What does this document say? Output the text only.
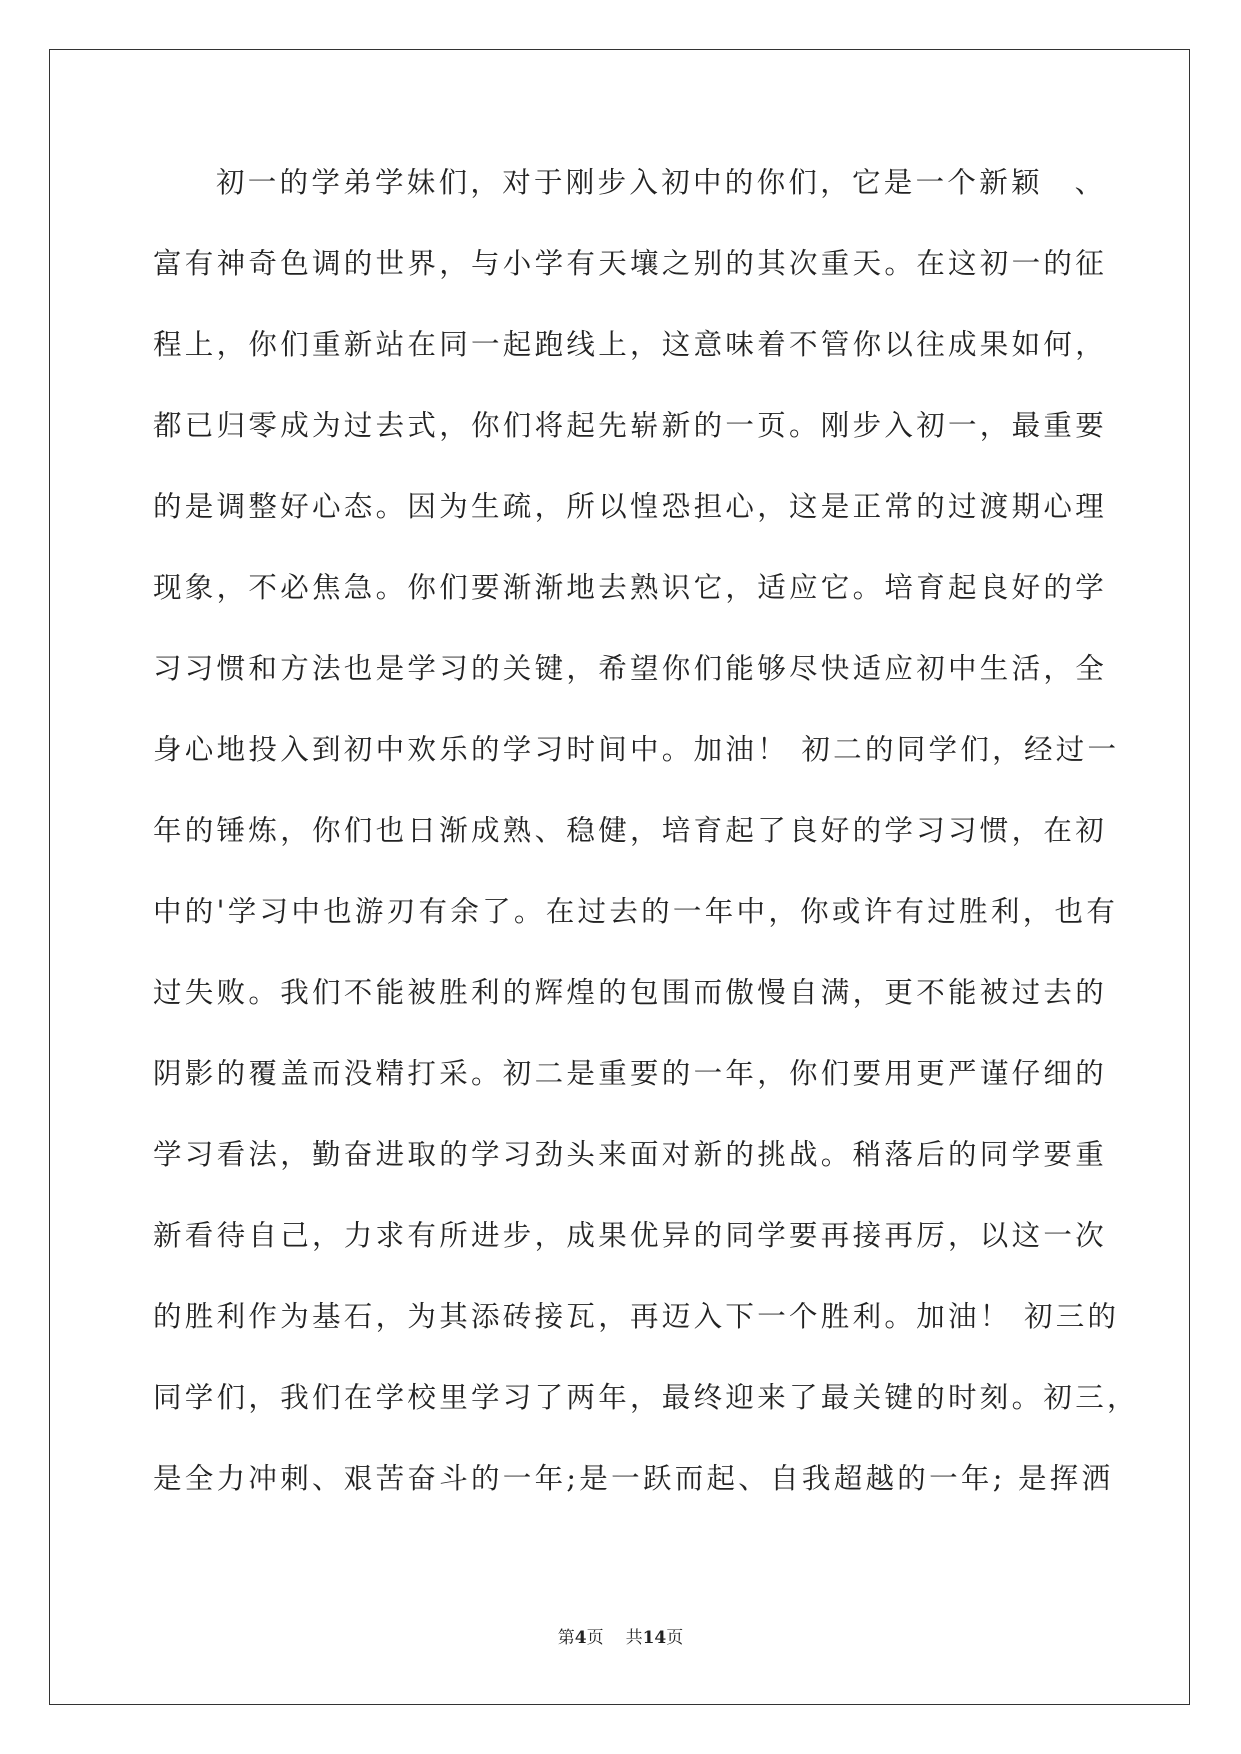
初一的学弟学妹们，对于刚步入初中的你们，它是一个新颖　、
富有神奇色调的世界，与小学有天壤之别的其次重天。在这初一的征
程上，你们重新站在同一起跑线上，这意味着不管你以往成果如何，
都已归零成为过去式，你们将起先崭新的一页。刚步入初一，最重要
的是调整好心态。因为生疏，所以惶恐担心，这是正常的过渡期心理
现象，不必焦急。你们要渐渐地去熟识它，适应它。培育起良好的学
习习惯和方法也是学习的关键，希望你们能够尽快适应初中生活，全
身心地投入到初中欢乐的学习时间中。加油！ 初二的同学们，经过一
年的锤炼，你们也日渐成熟、稳健，培育起了良好的学习习惯，在初
中的'学习中也游刃有余了。在过去的一年中，你或许有过胜利，也有
过失败。我们不能被胜利的辉煌的包围而傲慢自满，更不能被过去的
阴影的覆盖而没精打采。初二是重要的一年，你们要用更严谨仔细的
学习看法，勤奋进取的学习劲头来面对新的挑战。稍落后的同学要重
新看待自己，力求有所进步，成果优异的同学要再接再厉，以这一次
的胜利作为基石，为其添砖接瓦，再迈入下一个胜利。加油！ 初三的
同学们，我们在学校里学习了两年，最终迎来了最关键的时刻。初三，
是全力冲刺、艰苦奋斗的一年;是一跃而起、自我超越的一年; 是挥洒
第4页 共14页
